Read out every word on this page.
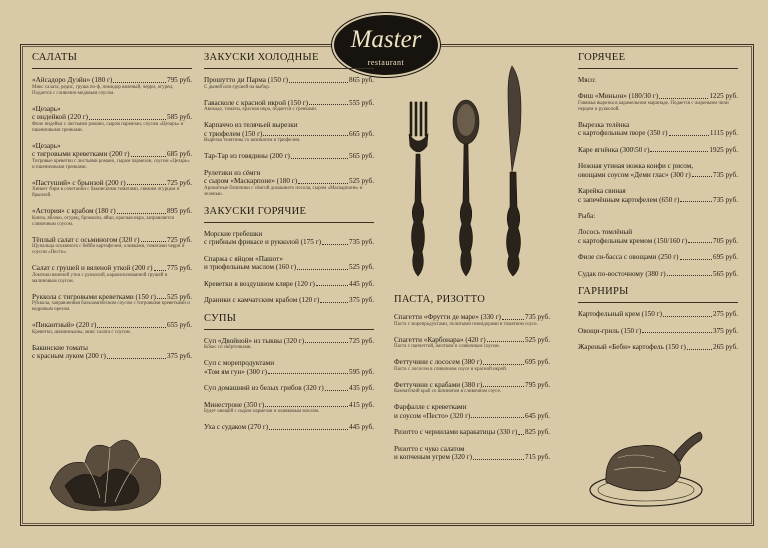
Master
restaurant
САЛАТЫ
«Айсадоро Дуэйн» (180 г)	795 руб.
Микс салата, редис, груша по-ф, помидор вяленый, черри, огурец. Подается с сливочно-медовым соусом.
«Цезарь»
с индейкой (220 г)	585 руб.
Филе индейки с листьями романо, сыром пармезан, соусом «Цезарь» и пшеничными гренками.
«Цезарь»
с тигровыми креветками (200 г)	685 руб.
Тигровые креветки с листьями романо, сыром пармезан, соусом «Цезарь» и пшеничными гренками.
«Пастуший» с брынзой (200 г)	725 руб.
Хинкет тирм в сочетании с бакинскими томатами, свежим огурцом и брынзой.
«Астория» с крабом (180 г)	895 руб.
Кинза, яблоко, огурец, брокколи, яйцо, красная икра, заправляется сливочным соусом.
Тёплый салат с осьминогом (320 г)	725 руб.
Щупальца осьминога с бейби картофелем, оливками, томатами черри и соусом «Песто».
Салат с грушей и вяленой уткой (200 г) 775 руб.
Ломтики вяленой утки с рукколой, карамелизованной грушей и малиновым соусом.
Руккола с тигровыми креветками (150 г) 525 руб.
Руккола, заправленная бальзамическим соусом с тигровыми креветками и кедровым орехом.
«Пикантный» (220 г)	655 руб.
Креветки, шампиньоны, микс салата с соусом.
Бакинские томаты
с красным луком (200 г)	375 руб.
ЗАКУСКИ ХОЛОДНЫЕ
Прошутто ди Парма (150 г)	865 руб.
С дыней или грушей на выбор.
Гавасколе с красной икрой (150 г)	555 руб.
Авокадо, томаты, красная икра, подается с гренками.
Карпаччо из телячьей вырезки
с трюфелем (150 г)	665 руб.
Вырезка телятины со шпинатом и трюфелем.
Тар-Тар из говядины (200 г)	565 руб.
Рулетики из сёмги
с сыром «Маскарпоне» (180 г)	525 руб.
Ароматные блинчики с сёмгой домашнего посола, сыром «Маскарпоне» и зеленью.
ЗАКУСКИ ГОРЯЧИЕ
Морские гребешки
с грибным фрикасе и рукколой (175 г)	735 руб.
Спаржа с яйцом «Пашот»
и трюфельным маслом (160 г)	525 руб.
Креветки в воздушном кляре (120 г)	445 руб.
Драники с камчатским крабом (120 г)	375 руб.
СУПЫ
Суп «Двойной» из тыквы (320 г)	725 руб.
Кокос со свёрточками.
Суп с морепродуктами
«Том ям гун» (300 г)	595 руб.
Суп домашний из белых грибов (320 г)	435 руб.
Минестроне (350 г)	415 руб.
Будет овощей с сыром пармезан и оливковым маслом.
Уха с судаком (270 г)	445 руб.
ПАСТА, РИЗОТТО
Спагетти «Фрутти де маре» (330 г)	735 руб.
Паста с морепродуктами, политыми помидорами в томатном соусе.
Спагетти «Карбонара» (420 г)	525 руб.
Паста с панчеттой, желтком и сливочным соусом.
Феттучини с лососем (380 г)	695 руб.
Паста с лососем в сливочном соусе и красной икрой.
Феттучини с крабами (380 г)	795 руб.
Камчатский краб со шпинатом в сливочном соусе.
Фарфалле с креветками
и соусом «Песто» (320 г)	645 руб.
Ризотто с чернилами каракатицы (330 г) 825 руб.
Ризотто с чуко салатом
и копченым угрем (320 г)	715 руб.
ГОРЯЧЕЕ
Мясо:
Фиш «Миньон» (180/30 г)	1225 руб.
Говяжья вырезка в карамельном маринаде. Подается с жареными чили перцем и рукколой.
Вырезка телёнка
с картофельным пюре (350 г)	1115 руб.
Каре ягнёнка (300\50 г)	1925 руб.
Нежная утиная ножка конфи с рисом,
овощами соусом «Деми глас» (300 г)	735 руб.
Карейка свиная
с запечённым картофелем (650 г)	735 руб.
Рыба:
Лосось томлёный
с картофельным кремом (150/160 г)	705 руб.
Филе си-басса с овощами (250 г)	695 руб.
Судак по-восточному (380 г)	565 руб.
ГАРНИРЫ
Картофельный крем (150 г)	275 руб.
Овощи-гриль (150 г)	375 руб.
Жареный «Беби» картофель (150 г)	265 руб.
